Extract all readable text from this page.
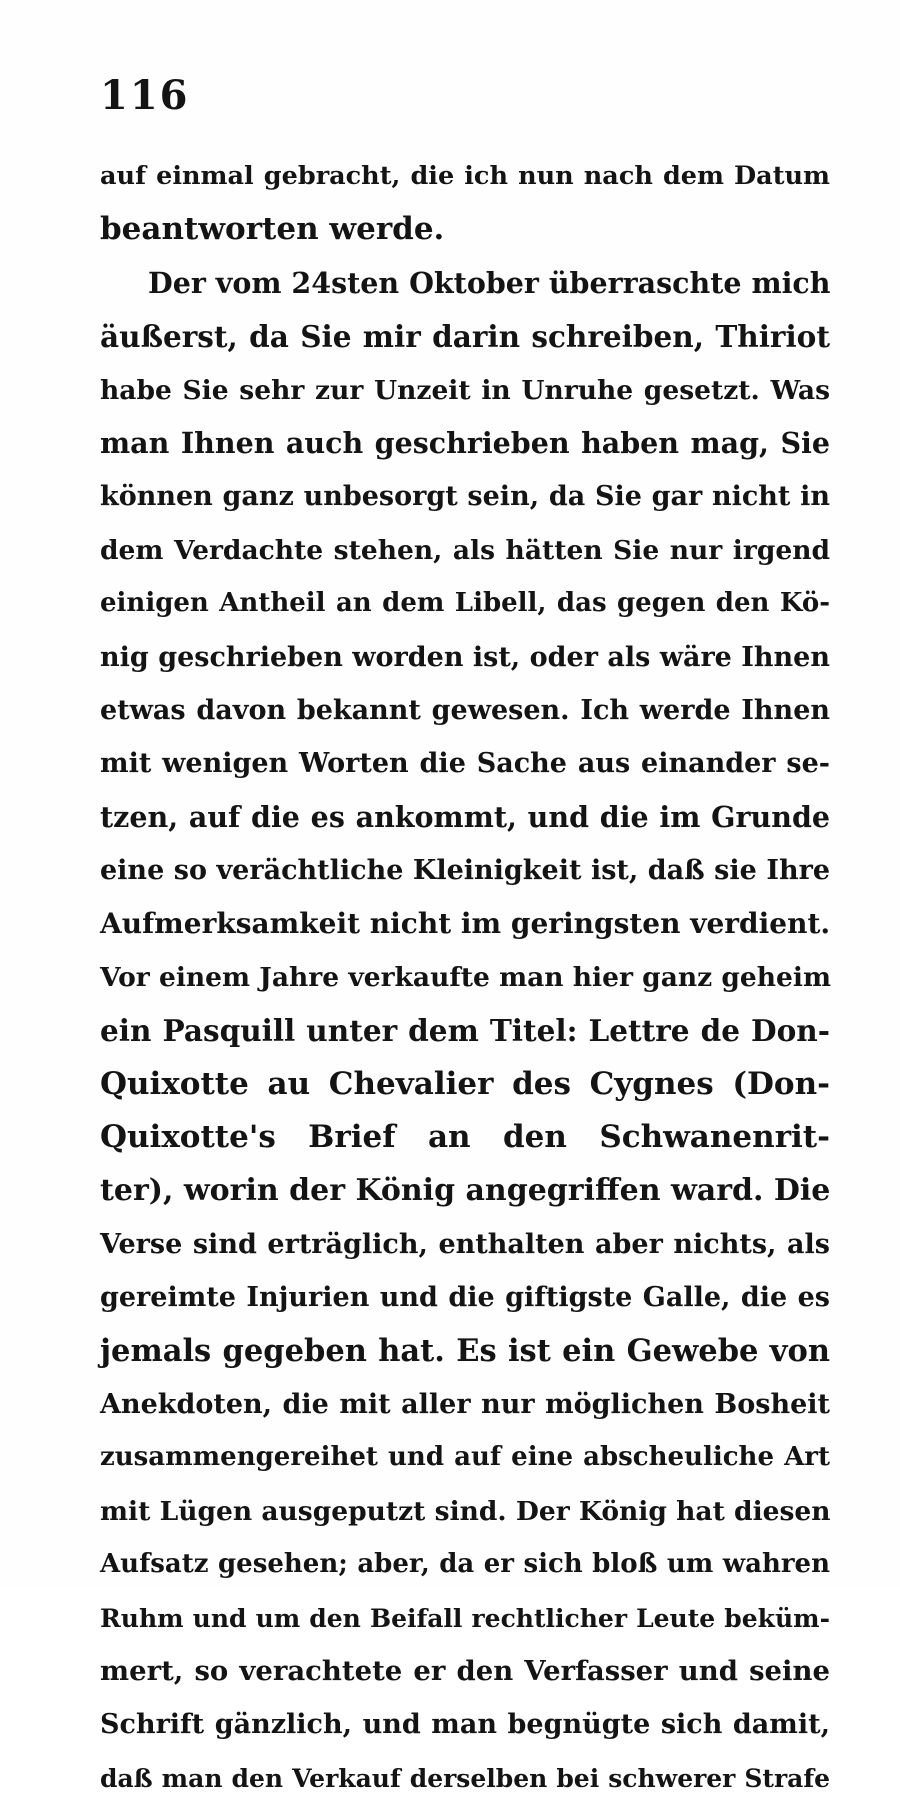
116
auf einmal gebracht, die ich nun nach dem Datum
beantworten werde.
Der vom 24sten Oktober überraschte mich
äußerst, da Sie mir darin schreiben, Thiriot
habe Sie sehr zur Unzeit in Unruhe gesetzt. Was
man Ihnen auch geschrieben haben mag, Sie
können ganz unbesorgt sein, da Sie gar nicht in
dem Verdachte stehen, als hätten Sie nur irgend
einigen Antheil an dem Libell, das gegen den Kö-
nig geschrieben worden ist, oder als wäre Ihnen
etwas davon bekannt gewesen. Ich werde Ihnen
mit wenigen Worten die Sache aus einander se-
tzen, auf die es ankommt, und die im Grunde
eine so verächtliche Kleinigkeit ist, daß sie Ihre
Aufmerksamkeit nicht im geringsten verdient.
Vor einem Jahre verkaufte man hier ganz geheim
ein Pasquill unter dem Titel: Lettre de Don-
Quixotte au Chevalier des Cygnes (Don-
Quixotte's Brief an den Schwanenrit-
ter), worin der König angegriffen ward. Die
Verse sind erträglich, enthalten aber nichts, als
gereimte Injurien und die giftigste Galle, die es
jemals gegeben hat. Es ist ein Gewebe von
Anekdoten, die mit aller nur möglichen Bosheit
zusammengereihet und auf eine abscheuliche Art
mit Lügen ausgeputzt sind. Der König hat diesen
Aufsatz gesehen; aber, da er sich bloß um wahren
Ruhm und um den Beifall rechtlicher Leute beküm-
mert, so verachtete er den Verfasser und seine
Schrift gänzlich, und man begnügte sich damit,
daß man den Verkauf derselben bei schwerer Strafe
